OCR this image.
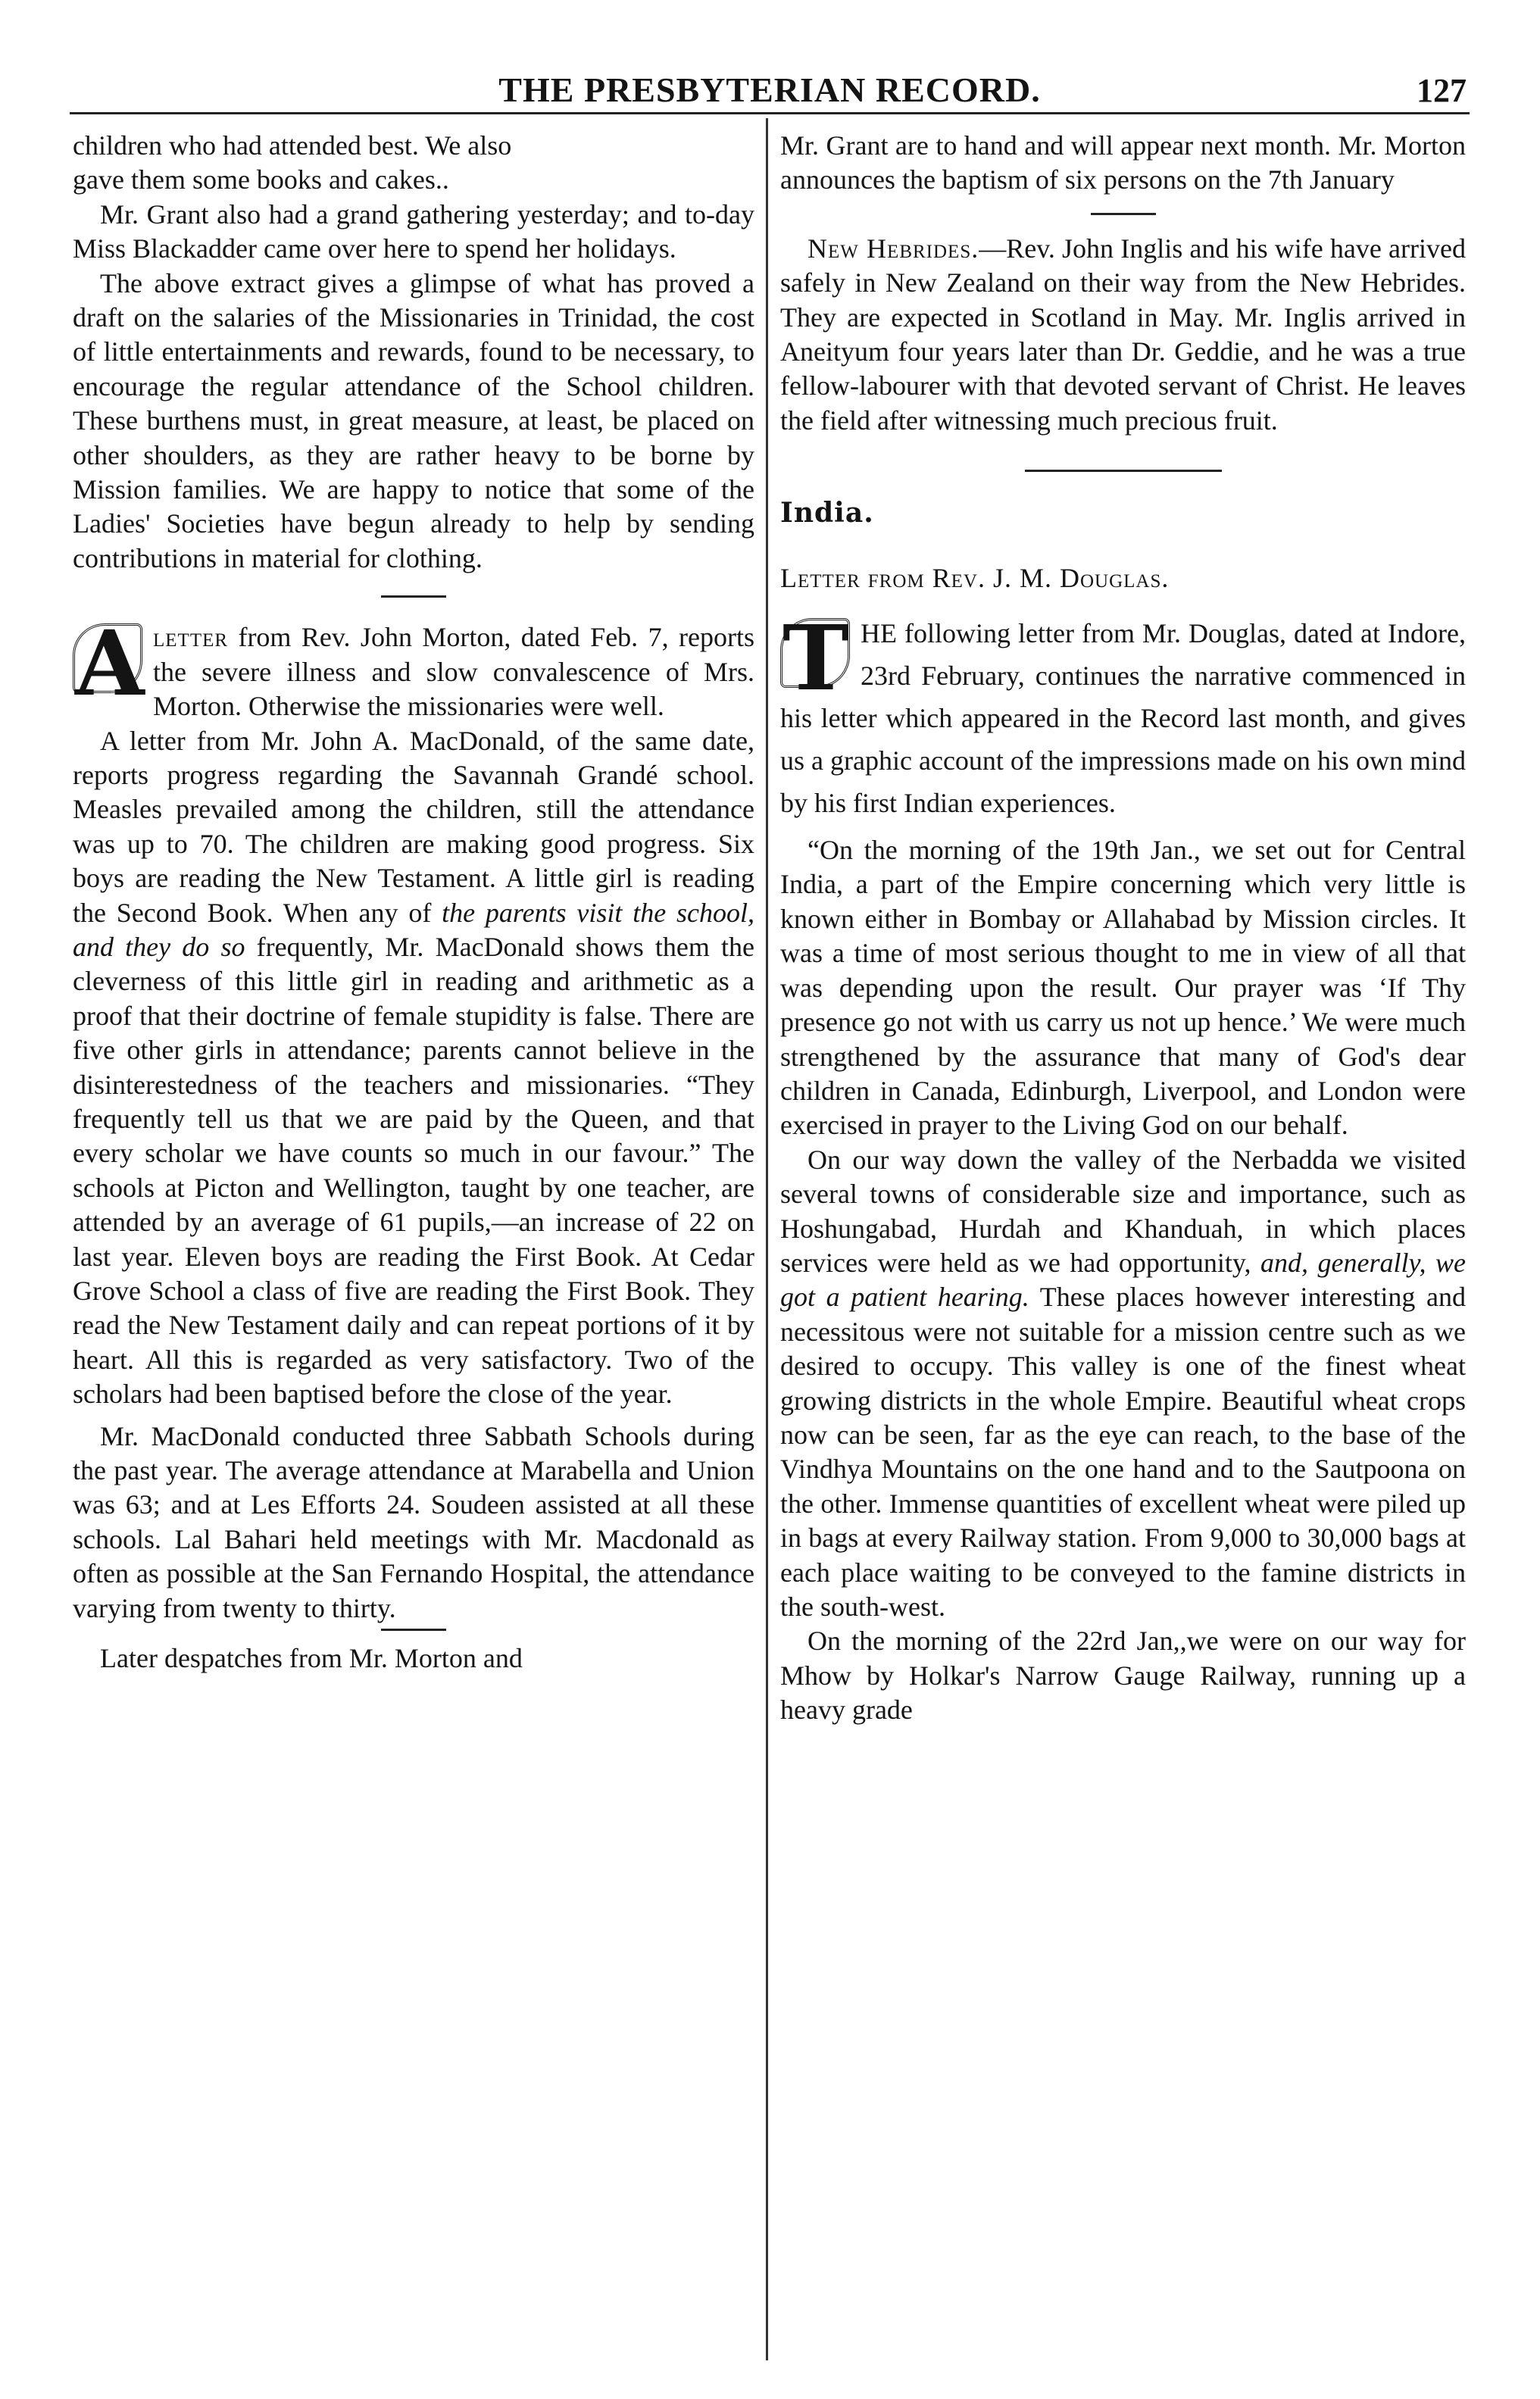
THE PRESBYTERIAN RECORD.	127

children who had attended best. We also
gave them some books and cakes..

Mr. Grant also had a grand gathering yesterday; and to-day Miss Blackadder came over here to spend her holidays.

The above extract gives a glimpse of what has proved a draft on the salaries of the Missionaries in Trinidad, the cost of little entertainments and rewards, found to be necessary, to encourage the regular attendance of the School children. These burthens must, in great measure, at least, be placed on other shoulders, as they are rather heavy to be borne by Mission families. We are happy to notice that some of the Ladies' Societies have begun already to help by sending contributions in material for clothing.

A letter from Rev. John Morton, dated Feb. 7, reports the severe illness and slow convalescence of Mrs. Morton. Otherwise the missionaries were well.

A letter from Mr. John A. MacDonald, of the same date, reports progress regarding the Savannah Grandé school. Measles prevailed among the children, still the attendance was up to 70. The children are making good progress. Six boys are reading the New Testament. A little girl is reading the Second Book. When any of the parents visit the school, and they do so frequently, Mr. MacDonald shows them the cleverness of this little girl in reading and arithmetic as a proof that their doctrine of female stupidity is false. There are five other girls in attendance; parents cannot believe in the disinterestedness of the teachers and missionaries. “They frequently tell us that we are paid by the Queen, and that every scholar we have counts so much in our favour.” The schools at Picton and Wellington, taught by one teacher, are attended by an average of 61 pupils,—an increase of 22 on last year. Eleven boys are reading the First Book. At Cedar Grove School a class of five are reading the First Book. They read the New Testament daily and can repeat portions of it by heart. All this is regarded as very satisfactory. Two of the scholars had been baptised before the close of the year.

Mr. MacDonald conducted three Sabbath Schools during the past year. The average attendance at Marabella and Union was 63; and at Les Efforts 24. Soudeen assisted at all these schools. Lal Bahari held meetings with Mr. Macdonald as often as possible at the San Fernando Hospital, the attendance varying from twenty to thirty.

Later despatches from Mr. Morton and

Mr. Grant are to hand and will appear next month. Mr. Morton announces the baptism of six persons on the 7th January

New Hebrides.—Rev. John Inglis and his wife have arrived safely in New Zealand on their way from the New Hebrides. They are expected in Scotland in May. Mr. Inglis arrived in Aneityum four years later than Dr. Geddie, and he was a true fellow-labourer with that devoted servant of Christ. He leaves the field after witnessing much precious fruit.

India.

Letter from Rev. J. M. Douglas.

T HE following letter from Mr. Douglas, dated at Indore, 23rd February, continues the narrative commenced in his letter which appeared in the Record last month, and gives us a graphic account of the impressions made on his own mind by his first Indian experiences.

“On the morning of the 19th Jan., we set out for Central India, a part of the Empire concerning which very little is known either in Bombay or Allahabad by Mission circles. It was a time of most serious thought to me in view of all that was depending upon the result. Our prayer was ‘If Thy presence go not with us carry us not up hence.’ We were much strengthened by the assurance that many of God's dear children in Canada, Edinburgh, Liverpool, and London were exercised in prayer to the Living God on our behalf.

On our way down the valley of the Nerbadda we visited several towns of considerable size and importance, such as Hoshungabad, Hurdah and Khanduah, in which places services were held as we had opportunity, and, generally, we got a patient hearing. These places however interesting and necessitous were not suitable for a mission centre such as we desired to occupy. This valley is one of the finest wheat growing districts in the whole Empire. Beautiful wheat crops now can be seen, far as the eye can reach, to the base of the Vindhya Mountains on the one hand and to the Sautpoona on the other. Immense quantities of excellent wheat were piled up in bags at every Railway station. From 9,000 to 30,000 bags at each place waiting to be conveyed to the famine districts in the south-west.

On the morning of the 22rd Jan,,we were on our way for Mhow by Holkar's Narrow Gauge Railway, running up a heavy grade
